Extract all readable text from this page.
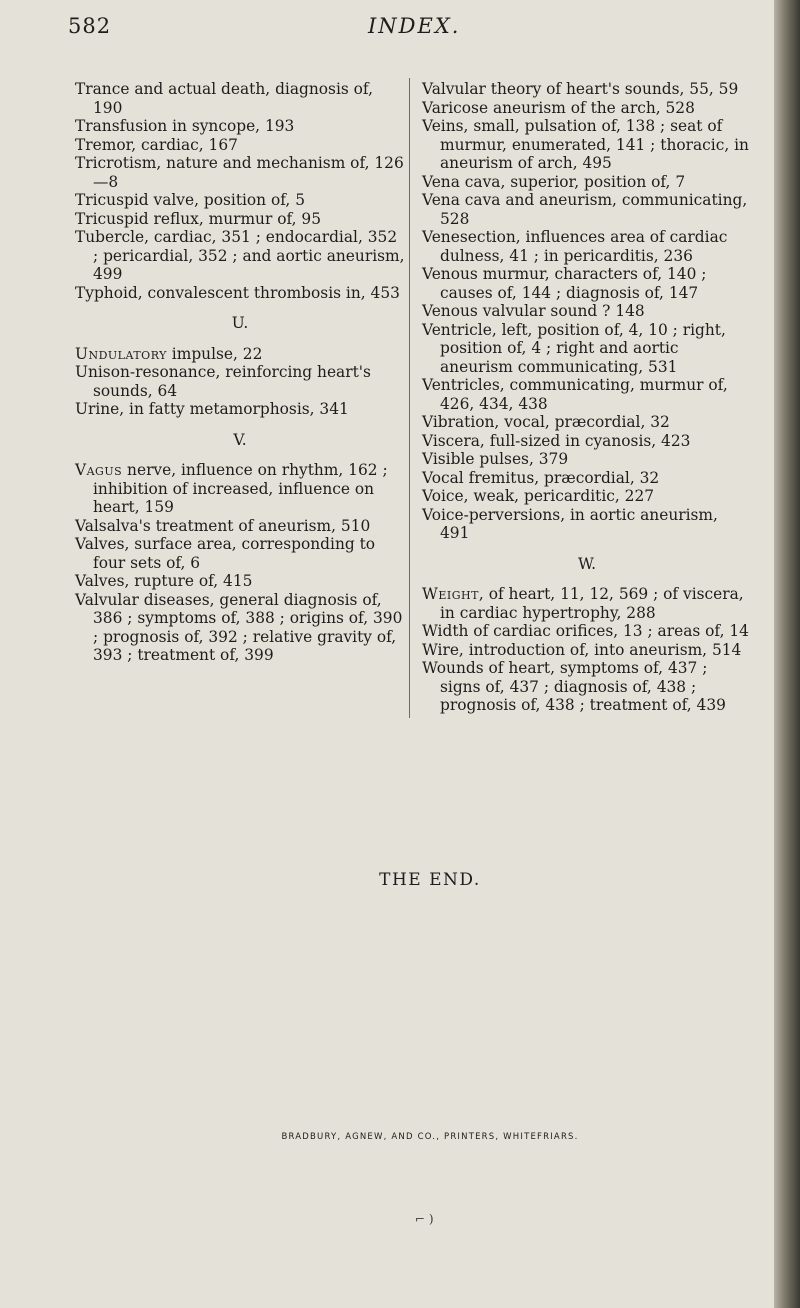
582	INDEX.

Trance and actual death, diagnosis of, 190

Transfusion in syncope, 193

Tremor, cardiac, 167

Tricrotism, nature and mechanism of, 126—8

Tricuspid valve, position of, 5

Tricuspid reflux, murmur of, 95

Tubercle, cardiac, 351 ; endocardial, 352 ; pericardial, 352 ; and aortic aneurism, 499

Typhoid, convalescent thrombosis in, 453

U.

Undulatory impulse, 22

Unison-resonance, reinforcing heart's sounds, 64

Urine, in fatty metamorphosis, 341

V.

Vagus nerve, influence on rhythm, 162 ; inhibition of increased, influence on heart, 159

Valsalva's treatment of aneurism, 510

Valves, surface area, corresponding to four sets of, 6

Valves, rupture of, 415

Valvular diseases, general diagnosis of, 386 ; symptoms of, 388 ; origins of, 390 ; prognosis of, 392 ; relative gravity of, 393 ; treatment of, 399

Valvular theory of heart's sounds, 55, 59

Varicose aneurism of the arch, 528

Veins, small, pulsation of, 138 ; seat of murmur, enumerated, 141 ; thoracic, in aneurism of arch, 495

Vena cava, superior, position of, 7

Vena cava and aneurism, communicating, 528

Venesection, influences area of cardiac dulness, 41 ; in pericarditis, 236

Venous murmur, characters of, 140 ; causes of, 144 ; diagnosis of, 147

Venous valvular sound ? 148

Ventricle, left, position of, 4, 10 ; right, position of, 4 ; right and aortic aneurism communicating, 531

Ventricles, communicating, murmur of, 426, 434, 438

Vibration, vocal, præcordial, 32

Viscera, full-sized in cyanosis, 423

Visible pulses, 379

Vocal fremitus, præcordial, 32

Voice, weak, pericarditic, 227

Voice-perversions, in aortic aneurism, 491

W.

Weight, of heart, 11, 12, 569 ; of viscera, in cardiac hypertrophy, 288

Width of cardiac orifices, 13 ; areas of, 14

Wire, introduction of, into aneurism, 514

Wounds of heart, symptoms of, 437 ; signs of, 437 ; diagnosis of, 438 ; prognosis of, 438 ; treatment of, 439

THE END.
BRADBURY, AGNEW, AND CO., PRINTERS, WHITEFRIARS.
⌐ )
